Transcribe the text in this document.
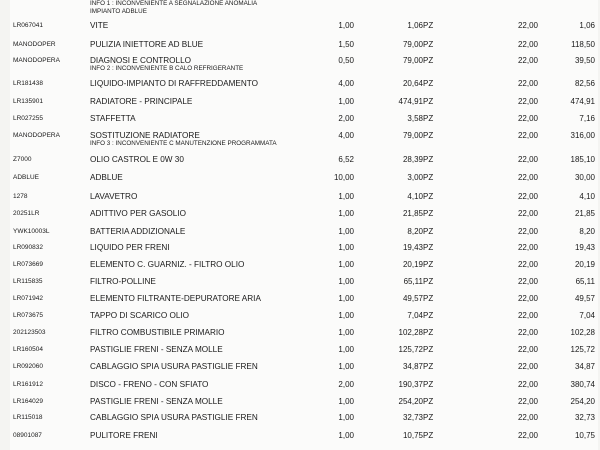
INFO 1 : INCONVENIENTE A SEGNALAZIONE ANOMALIA
IMPIANTO ADBLUE
LR067041	VITE	1,00	1,06 PZ	22,00	1,06
MANODOPER	PULIZIA INIETTORE AD BLUE	1,50	79,00 PZ	22,00	118,50
MANODOPERA	DIAGNOSI E CONTROLLO	0,50	79,00 PZ	22,00	39,50
INFO 2 : INCONVENIENTE B CALO REFRIGERANTE
LR181438	LIQUIDO-IMPIANTO DI RAFFREDDAMENTO	4,00	20,64 PZ	22,00	82,56
LR135901	RADIATORE - PRINCIPALE	1,00	474,91 PZ	22,00	474,91
LR027255	STAFFETTA	2,00	3,58 PZ	22,00	7,16
MANODOPERA	SOSTITUZIONE RADIATORE	4,00	79,00 PZ	22,00	316,00
INFO 3 : INCONVENIENTE C MANUTENZIONE PROGRAMMATA
Z7000	OLIO CASTROL E 0W 30	6,52	28,39 PZ	22,00	185,10
ADBLUE	ADBLUE	10,00	3,00 PZ	22,00	30,00
1278	LAVAVETRO	1,00	4,10 PZ	22,00	4,10
20251LR	ADITTIVO PER GASOLIO	1,00	21,85 PZ	22,00	21,85
YWK10003L	BATTERIA ADDIZIONALE	1,00	8,20 PZ	22,00	8,20
LR090832	LIQUIDO PER FRENI	1,00	19,43 PZ	22,00	19,43
LR073669	ELEMENTO C. GUARNIZ. - FILTRO OLIO	1,00	20,19 PZ	22,00	20,19
LR115835	FILTRO-POLLINE	1,00	65,11 PZ	22,00	65,11
LR071942	ELEMENTO FILTRANTE-DEPURATORE ARIA	1,00	49,57 PZ	22,00	49,57
LR073675	TAPPO DI SCARICO OLIO	1,00	7,04 PZ	22,00	7,04
202123503	FILTRO COMBUSTIBILE PRIMARIO	1,00	102,28 PZ	22,00	102,28
LR160504	PASTIGLIE FRENI - SENZA MOLLE	1,00	125,72 PZ	22,00	125,72
LR092060	CABLAGGIO SPIA USURA PASTIGLIE FREN	1,00	34,87 PZ	22,00	34,87
LR161912	DISCO - FRENO - CON SFIATO	2,00	190,37 PZ	22,00	380,74
LR164029	PASTIGLIE FRENI - SENZA MOLLE	1,00	254,20 PZ	22,00	254,20
LR115018	CABLAGGIO SPIA USURA PASTIGLIE FREN	1,00	32,73 PZ	22,00	32,73
08901087	PULITORE FRENI	1,00	10,75 PZ	22,00	10,75
